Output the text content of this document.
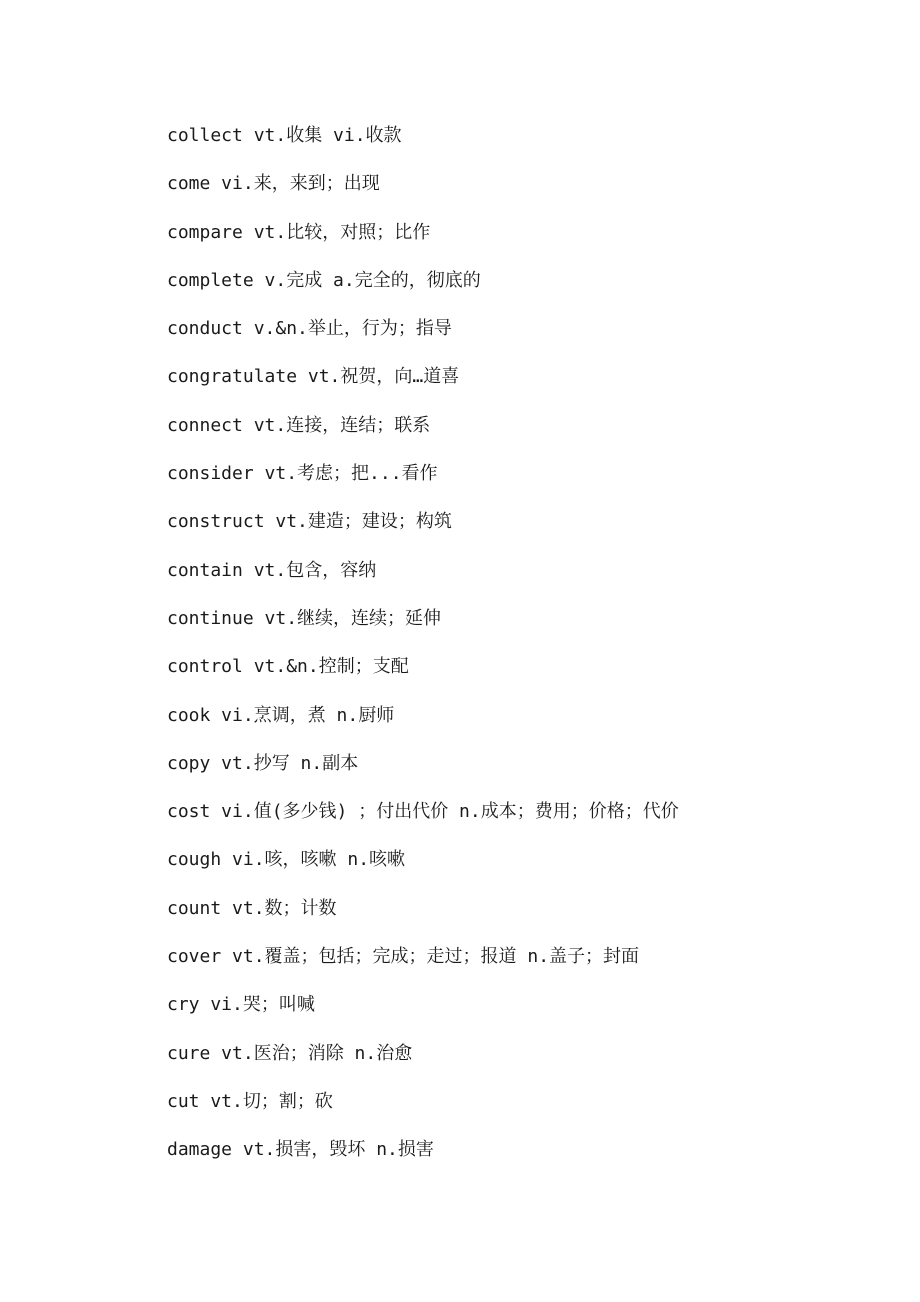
collect vt.收集 vi.收款
come vi.来，来到；出现
compare vt.比较，对照；比作
complete v.完成 a.完全的，彻底的
conduct v.&n.举止，行为；指导
congratulate vt.祝贺，向…道喜
connect vt.连接，连结；联系
consider vt.考虑；把...看作
construct vt.建造；建设；构筑
contain vt.包含，容纳
continue vt.继续，连续；延伸
control vt.&n.控制；支配
cook vi.烹调，煮 n.厨师
copy vt.抄写 n.副本
cost vi.值(多少钱) ；付出代价 n.成本；费用；价格；代价
cough vi.咳，咳嗽 n.咳嗽
count vt.数；计数
cover vt.覆盖；包括；完成；走过；报道 n.盖子；封面
cry vi.哭；叫喊
cure vt.医治；消除 n.治愈
cut vt.切；割；砍
damage vt.损害，毁坏 n.损害
